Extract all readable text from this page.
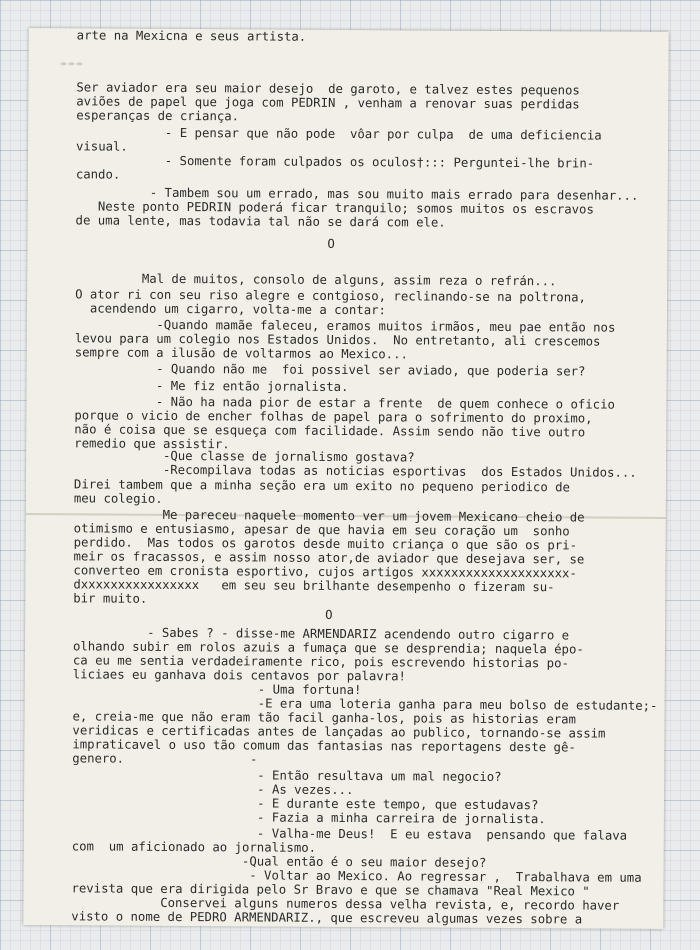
Ser aviador era seu maior desejo  de garoto, e talvez estes pequenos
aviões de papel que joga com PEDRIN , venham a renovar suas perdidas
esperanças de criança.
- E pensar que não pode  vôar por culpa  de uma deficiencia
visual.
- Somente foram culpados os oculos†::: Perguntei-lhe brin-
cando.
- Tambem sou um errado, mas sou muito mais errado para desenhar...
Neste ponto PEDRIN poderá ficar tranquilo; somos muitos os escravos
de uma lente, mas todavia tal não se dará com ele.
O
Mal de muitos, consolo de alguns, assim reza o refrán...
O ator ri con seu riso alegre e contgioso, reclinando-se na poltrona,
acendendo um cigarro, volta-me a contar:
-Quando mamãe faleceu, eramos muitos irmãos, meu pae então nos
levou para um colegio nos Estados Unidos.  No entretanto, ali crescemos
sempre com a ilusão de voltarmos ao Mexico...
- Quando não me  foi possivel ser aviado, que poderia ser?
- Me fiz então jornalista.
- Não ha nada pior de estar a frente  de quem conhece o oficio
porque o vicio de encher folhas de papel para o sofrimento do proximo,
não é coisa que se esqueça com facilidade. Assim sendo não tive outro
remedio que assistir.
-Que classe de jornalismo gostava?
-Recompilava todas as noticias esportivas  dos Estados Unidos...
Direi tambem que a minha seção era um exito no pequeno periodico de
meu colegio.
Me pareceu naquele momento ver um jovem Mexicano cheio de
otimismo e entusiasmo, apesar de que havia em seu coração um  sonho
perdido.  Mas todos os garotos desde muito criança o que são os pri-
meir os fracassos, e assim nosso ator,de aviador que desejava ser, se
converteo em cronista esportivo, cujos artigos xxxxxxxxxxxxxxxxxxxx-
dxxxxxxxxxxxxxxxx   em seu seu brilhante desempenho o fizeram su-
bir muito.
O
- Sabes ? - disse-me ARMENDARIZ acendendo outro cigarro e
olhando subir em rolos azuis a fumaça que se desprendia; naquela épo-
ca eu me sentia verdadeiramente rico, pois escrevendo historias po-
liciaes eu ganhava dois centavos por palavra!
- Uma fortuna!
-E era uma loteria ganha para meu bolso de estudante;-
e, creia-me que não eram tão facil ganha-los, pois as historias eram
veridicas e certificadas antes de lançadas ao publico, tornando-se assim
impraticavel o uso tão comum das fantasias nas reportagens deste gê-
genero.                 -
- Então resultava um mal negocio?
- As vezes...
- E durante este tempo, que estudavas?
- Fazia a minha carreira de jornalista.
- Valha-me Deus!  E eu estava  pensando que falava
com  um aficionado ao jornalismo.
-Qual então é o seu maior desejo?
- Voltar ao Mexico. Ao regressar ,  Trabalhava em uma
revista que era dirigida pelo Sr Bravo e que se chamava "Real Mexico "
Conservei alguns numeros dessa velha revista, e, recordo haver
visto o nome de PEDRO ARMENDARIZ., que escreveu algumas vezes sobre a
arte na Mexicna e seus artista.
